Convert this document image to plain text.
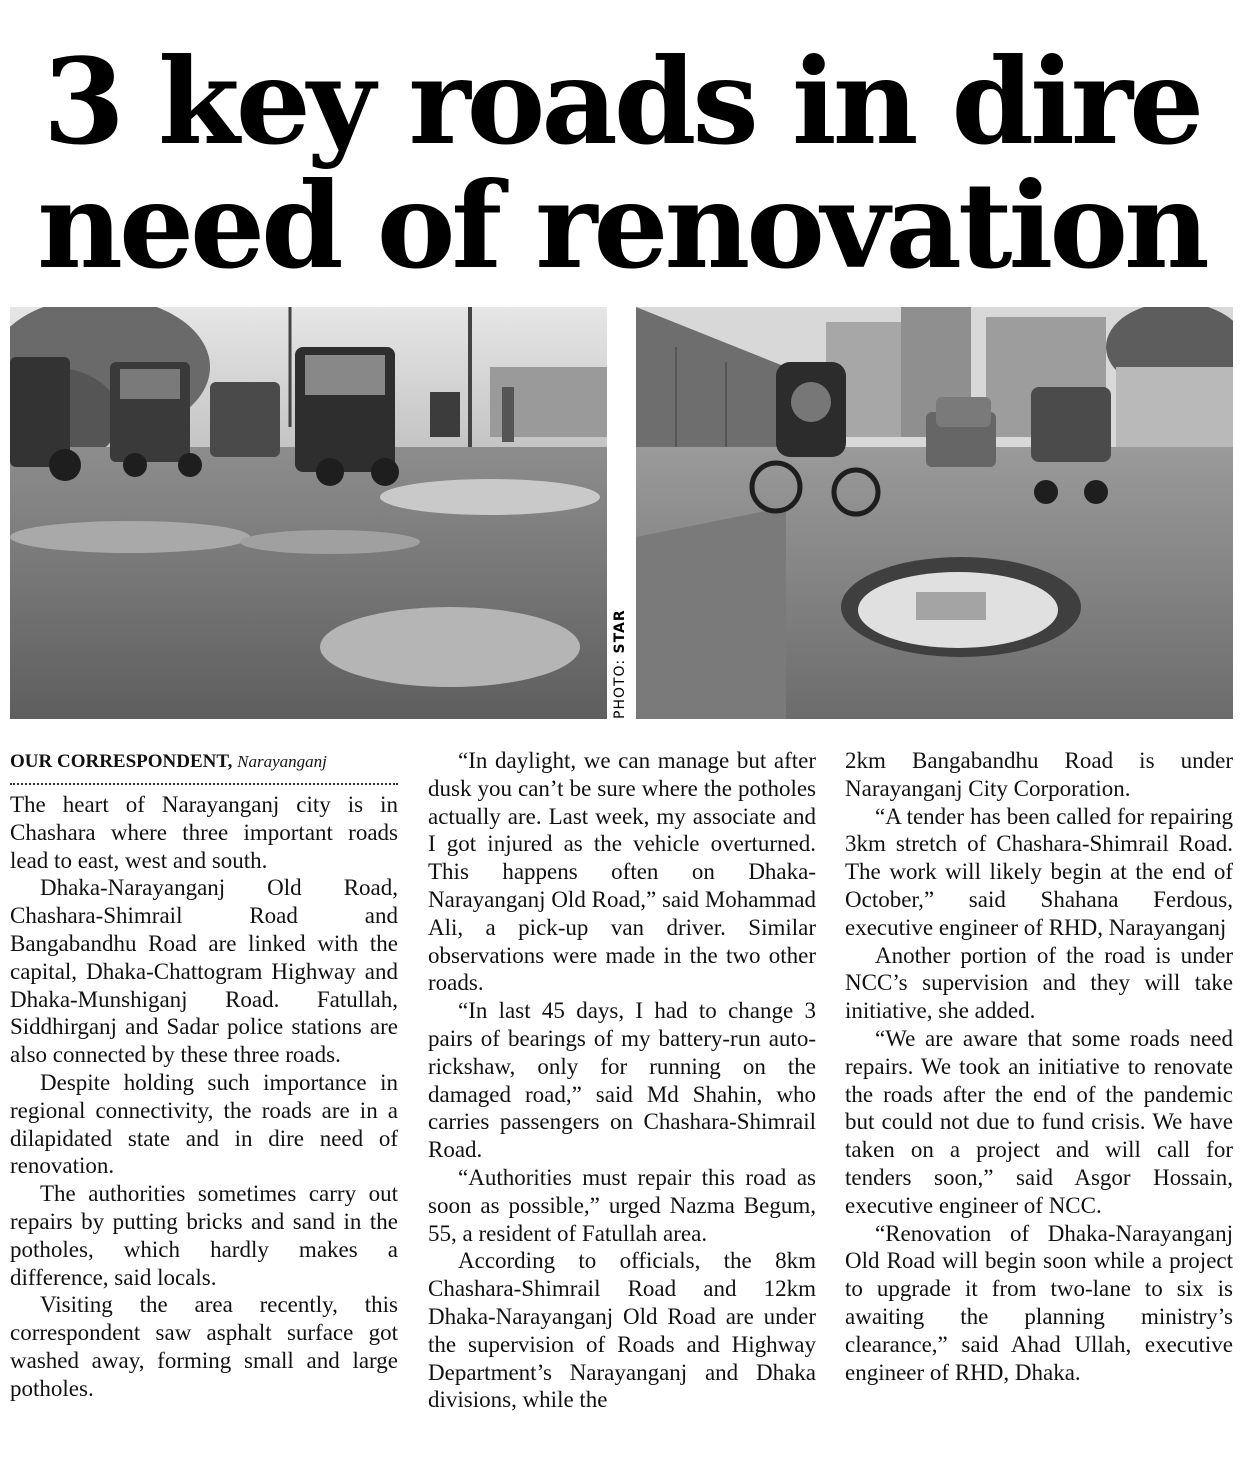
3 key roads in dire
need of renovation
PHOTO: STAR
OUR CORRESPONDENT, Narayanganj

The heart of Narayanganj city is in Chashara where three important roads lead to east, west and south.

Dhaka-Narayanganj Old Road, Chashara-Shimrail Road and Bangabandhu Road are linked with the capital, Dhaka-Chattogram Highway and Dhaka-Munshiganj Road. Fatullah, Siddhirganj and Sadar police stations are also connected by these three roads.

Despite holding such importance in regional connectivity, the roads are in a dilapidated state and in dire need of renovation.

The authorities sometimes carry out repairs by putting bricks and sand in the potholes, which hardly makes a difference, said locals.

Visiting the area recently, this correspondent saw asphalt surface got washed away, forming small and large potholes.

“In daylight, we can manage but after dusk you can’t be sure where the potholes actually are. Last week, my associate and I got injured as the vehicle overturned. This happens often on Dhaka-Narayanganj Old Road,” said Mohammad Ali, a pick-up van driver. Similar observations were made in the two other roads.

“In last 45 days, I had to change 3 pairs of bearings of my battery-run auto-rickshaw, only for running on the damaged road,” said Md Shahin, who carries passengers on Chashara-Shimrail Road.

“Authorities must repair this road as soon as possible,” urged Nazma Begum, 55, a resident of Fatullah area.

According to officials, the 8km Chashara-Shimrail Road and 12km Dhaka-Narayanganj Old Road are under the supervision of Roads and Highway Department’s Narayanganj and Dhaka divisions, while the

2km Bangabandhu Road is under Narayanganj City Corporation.

“A tender has been called for repairing 3km stretch of Chashara-Shimrail Road. The work will likely begin at the end of October,” said Shahana Ferdous, executive engineer of RHD, Narayanganj

Another portion of the road is under NCC’s supervision and they will take initiative, she added.

“We are aware that some roads need repairs. We took an initiative to renovate the roads after the end of the pandemic but could not due to fund crisis. We have taken on a project and will call for tenders soon,” said Asgor Hossain, executive engineer of NCC.

“Renovation of Dhaka-Narayanganj Old Road will begin soon while a project to upgrade it from two-lane to six is awaiting the planning ministry’s clearance,” said Ahad Ullah, executive engineer of RHD, Dhaka.
